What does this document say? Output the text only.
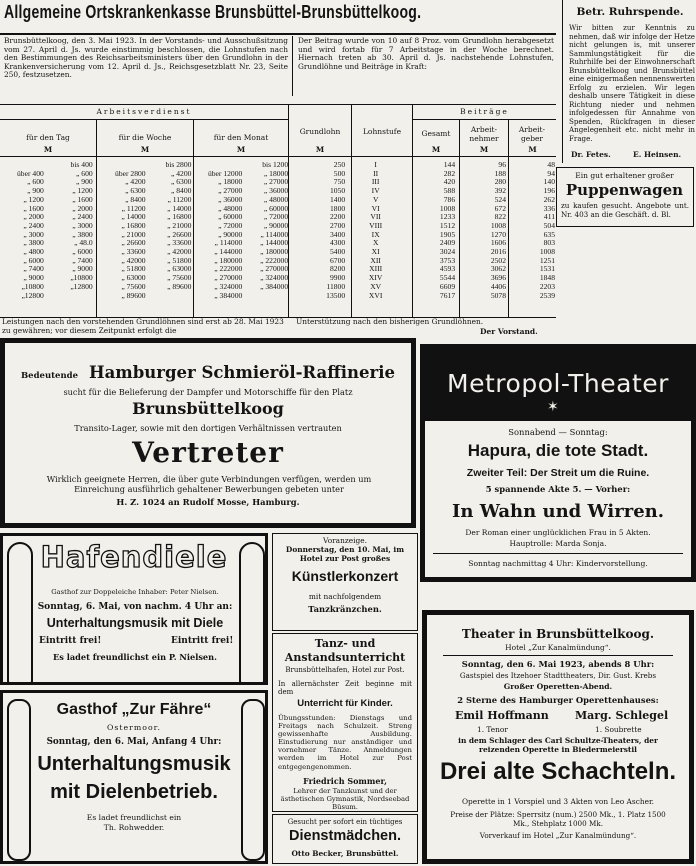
Allgemeine Ortskrankenkasse Brunsbüttel-Brunsbüttelkoog.
Brunsbüttelkoog, den 3. Mai 1923. In der Vorstands- und Ausschußsitzung vom 27. April d. Js. wurde einstimmig beschlossen, die Lohnstufen nach den Bestimmungen des Reichsarbeitsministers über den Grundlohn in der Krankenversicherung vom 12. April d. Js., Reichsgesetzblatt Nr. 23, Seite 250, festzusetzen.
Der Beitrag wurde von 10 auf 8 Proz. vom Grundlohn herabgesetzt und wird fortab für 7 Arbeitstage in der Woche berechnet. Hiernach treten ab 30. April d. Js. nachstehende Lohnstufen, Grundlöhne und Beiträge in Kraft:
Arbeitsverdienst
für den Tag
M
für die Woche
M
für den Monat
M
Grundlohn
M
Lohnstufe
Beiträge
Gesamt
M
Arbeit- nehmer
M
Arbeit- geber
M
	bis 400		bis 2800		bis 1200	250	I	144	96	48
über 400	„ 600	über 2800	„ 4200	über 12000	„ 18000	500	II	282	188	94
„ 600	„ 900	„ 4200	„ 6300	„ 18000	„ 27000	750	III	420	280	140
„ 900	„ 1200	„ 6300	„ 8400	„ 27000	„ 36000	1050	IV	588	392	196
„ 1200	„ 1600	„ 8400	„ 11200	„ 36000	„ 48000	1400	V	786	524	262
„ 1600	„ 2000	„ 11200	„ 14000	„ 48000	„ 60000	1800	VI	1008	672	336
„ 2000	„ 2400	„ 14000	„ 16800	„ 60000	„ 72000	2200	VII	1233	822	411
„ 2400	„ 3000	„ 16800	„ 21000	„ 72000	„ 90000	2700	VIII	1512	1008	504
„ 3000	„ 3800	„ 21000	„ 26600	„ 90000	„ 114000	3400	IX	1905	1270	635
„ 3800	„ 48.0	„ 26600	„ 33600	„ 114000	„ 144000	4300	X	2409	1606	803
„ 4800	„ 6000	„ 33600	„ 42000	„ 144000	„ 180000	5400	XI	3024	2016	1008
„ 6000	„ 7400	„ 42000	„ 51800	„ 180000	„ 222000	6700	XII	3753	2502	1251
„ 7400	„ 9000	„ 51800	„ 63000	„ 222000	„ 270000	8200	XIII	4593	3062	1531
„ 9000	„10800	„ 63000	„ 75600	„ 270000	„ 324000	9900	XIV	5544	3696	1848
„10800	„12800	„ 75600	„ 89600	„ 324000	„ 384000	11800	XV	6609	4406	2203
„12800		„ 89600		„ 384000		13500	XVI	7617	5078	2539
Leistungen nach den vorstehenden Grundlöhnen sind erst ab 28. Mai 1923 zu gewähren; vor diesem Zeitpunkt erfolgt die
Unterstützung nach den bisherigen Grundlöhnen.
Der Vorstand.
Betr. Ruhrspende.
Wir bitten zur Kenntnis zu nehmen, daß wir infolge der Hetze nicht gelungen is, mit unserer Sammlungstätigkeit für die Ruhrhilfe bei der Einwohnerschaft Brunsbüttelkoog und Brunsbüttel eine einigermaßen nennenswerten Erfolg zu erzielen. Wir legen deshalb unsere Tätigkeit in diese Richtung nieder und nehmen infolgedessen für Annahme von Spenden, Rückfragen in dieser Angelegenheit etc. nicht mehr in Frage.
Dr. Fetes.	E. Heinsen.
Ein gut erhaltener großer
Puppenwagen
zu kaufen gesucht. Angebote unt. Nr. 403 an die Geschäft. d. Bl.
Bedeutende Hamburger Schmieröl-Raffinerie
sucht für die Belieferung der Dampfer und Motorschiffe für den Platz
Brunsbüttelkoog
Transito-Lager, sowie mit den dortigen Verhältnissen vertrauten
Vertreter
Wirklich geeignete Herren, die über gute Verbindungen verfügen, werden um Einreichung ausführlich gehaltener Bewerbungen gebeten unter
H. Z. 1024 an Rudolf Mosse, Hamburg.
Metropol-Theater
✶
Sonnabend — Sonntag:
Hapura, die tote Stadt.
Zweiter Teil: Der Streit um die Ruine.
5 spannende Akte 5. — Vorher:
In Wahn und Wirren.
Der Roman einer unglücklichen Frau in 5 Akten.
Hauptrolle: Marda Sonja.
Sonntag nachmittag 4 Uhr: Kindervorstellung.
Hafendiele
Gasthof zur Doppeleiche Inhaber: Peter Nielsen.
Sonntag, 6. Mai, von nachm. 4 Uhr an:
Unterhaltungsmusik mit Diele
Eintritt frei!	Eintritt frei!
Es ladet freundlichst ein P. Nielsen.
Gasthof „Zur Fähre“
Ostermoor.
Sonntag, den 6. Mai, Anfang 4 Uhr:
Unterhaltungsmusik
mit Dielenbetrieb.
Es ladet freundlichst ein
Th. Rohwedder.
Voranzeige.
Donnerstag, den 10. Mai, im Hotel zur Post großes
Künstlerkonzert
mit nachfolgendem
Tanzkränzchen.
Tanz- und
Anstandsunterricht
Brunsbüttelhafen, Hotel zur Post.
In allernächster Zeit beginne mit dem
Unterricht für Kinder.
Übungsstunden: Dienstags und Freitags nach Schulzeit. Streng gewissenhafte Ausbildung. Einstudierung nur anständiger und vornehmer Tänze. Anmeldungen werden im Hotel zur Post entgegengenommen.
Friedrich Sommer,
Lehrer der Tanzkunst und der ästhetischen Gymnastik, Nordseebad Büsum.
Gesucht per sofort ein tüchtiges
Dienstmädchen.
Otto Becker, Brunsbüttel.
Theater in Brunsbüttelkoog.
Hotel „Zur Kanalmündung“.
Sonntag, den 6. Mai 1923, abends 8 Uhr:
Gastspiel des Itzehoer Stadttheaters, Dir. Gust. Krebs
Großer Operetten-Abend.
2 Sterne des Hamburger Operettenhauses:
Emil Hoffmann Marg. Schlegel
1. Tenor	1. Soubrette
in dem Schlager des Carl Schultze-Theaters, der reizenden Operette in Biedermeierstil
Drei alte Schachteln.
Operette in 1 Vorspiel und 3 Akten von Leo Ascher.
Preise der Plätze: Sperrsitz (num.) 2500 Mk., 1. Platz 1500 Mk., Stehplatz 1000 Mk.
Vorverkauf im Hotel „Zur Kanalmündung“.
